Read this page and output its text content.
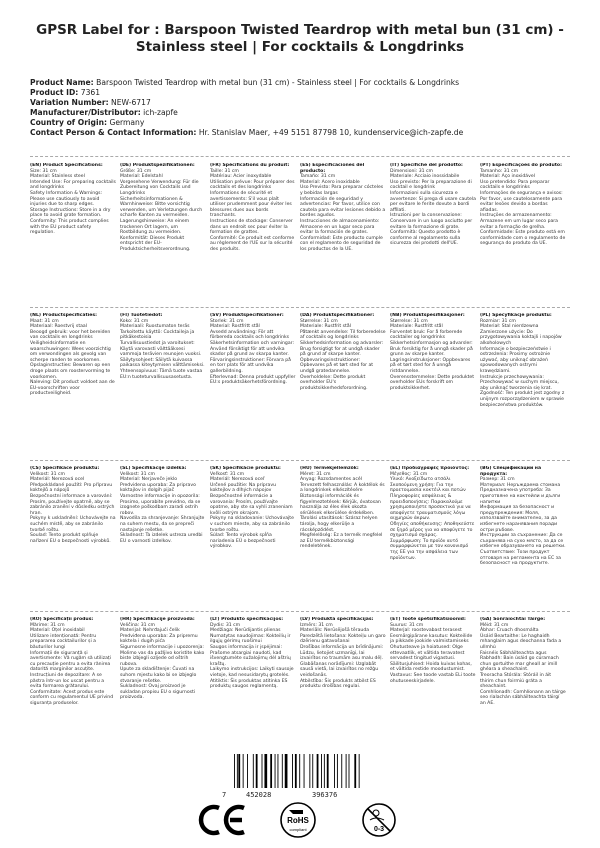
GPSR Label for : Barspoon Twisted Teardrop with metal bun (31 cm) - Stainless steel | For cocktails & Longdrinks
Product Name: Barspoon Twisted Teardrop with metal bun (31 cm) - Stainless steel | For cocktails & Longdrinks
Product ID: 7361
Variation Number: NEW-6717
Manufacturer/Distributor: ich-zapfe
Country of Origin: Germany
Contact Person & Contact Information: Hr. Stanislav Maer, +49 5151 87798 10, kundenservice@ich-zapfe.de
(EN) Product Specifications:
Size: 31 cm
Material: Stainless steel
Intended Use: For preparing cocktails and longdrinks
Safety Information & Warnings: Please use cautiously to avoid injuries due to sharp edges.
Storage Instructions: Store in a dry place to avoid grate formation.
Conformity: This product complies with the EU product safety regulation.
(DE) Produktspezifikationen:
Größe: 31 cm
Material: Edelstahl
Vorgesehene Verwendung: Für die Zubereitung von Cocktails und Longdrinks
Sicherheitsinformationen & Warnhinweise: Bitte vorsichtig verwenden, um Verletzungen durch scharfe Kanten zu vermeiden.
Lagerungshinweise: An einem trockenen Ort lagern, um Rostbildung zu vermeiden.
Konformität: Dieses Produkt entspricht der EU-Produktsicherheitsverordnung.
(FR) Spécifications du produit:
Taille: 31 cm
Matériau: Acier inoxydable
Utilisation prévue: Pour préparer des cocktails et des longdrinks
Informations de sécurité et avertissements: S'il vous plaît utiliser prudemment pour éviter les blessures dues aux bords tranchants.
Instructions de stockage: Conserver dans un endroit sec pour éviter la formation de grattes.
Conformité: Ce produit est conforme au règlement de l'UE sur la sécurité des produits.
(ES) Especificaciones del producto:
Tamaño: 31 cm
Material: Acero inoxidable
Uso Previsto: Para preparar cócteles y bebidas largas
Información de seguridad y advertencias: Por favor, utilice con cautela para evitar lesiones debido a bordes agudos.
Instrucciones de almacenamiento: Almacene en un lugar seco para evitar la formación de grates.
Conformidad: Este producto cumple con el reglamento de seguridad de los productos de la UE.
(IT) Specifiche del prodotto:
Dimensioni: 31 cm
Materiale: Acciaio inossidabile
Uso previsto: Per la preparazione di cocktail e longdrink
Informazioni sulla sicurezza e avvertenze: Si prega di usare cautela per evitare le ferite dovute a bordi affilati.
Istruzioni per la conservazione: Conservare in un luogo asciutto per evitare la formazione di grate.
Conformità: Questo prodotto è conforme al regolamento sulla sicurezza dei prodotti dell'UE.
(PT) Especificações do produto:
Tamanho: 31 cm
Material: Aço inoxidável
Uso pretendido: Para preparar cocktails e longdrinks
Informações de segurança e avisos: Por favor, use cautelosamente para evitar lesões devido a bordas afiadas.
Instruções de armazenamento: Armazene em um lugar seco para evitar a formação de grelha.
Conformidade: Este produto está em conformidade com o regulamento de segurança do produto da UE.
(NL) Productspecificaties:
Maat: 31 cm
Materiaal: Roestvrij staal
Beoogd gebruik: voor het bereiden van cocktails en longdrinks
Veiligheidsinformatie en waarschuwingen: Wees voorzichtig om verwondingen als gevolg van scherpe randen te voorkomen.
Opslaginstructies: Bewaren op een droge plaats om roostervorming te voorkomen.
Naleving: Dit product voldoet aan de EU-voorschriften voor productveiligheid.
(FI) Tuotetiedot:
Koko: 31 cm
Materiaali: Ruostumaton teräs
Tarkoitettu käyttö: Cocktaileja ja pitkäkestoisia
Turvallisuustiedot ja varoitukset: Käytä varovasti välttääksesi vammoja terävien reunojen vuoksi.
Säilytysohjeet: Säilytä kuivassa paikassa kiteytymisen välttämiseksi.
Yhteensopivuus: Tämä tuote vastaa EU:n tuoteturvallisuusasetusta.
(SV) Produktspecifikationer:
Storlek: 31 cm
Material: Rostfritt stål
Avsedd användning: För att förbereda cocktails och longdrinks
Säkerhetsinformation och varningar: Använd försiktigt för att undvika skador på grund av skarpa kanter.
Förvaringsinstruktioner: Förvara på en torr plats för att undvika gallerbildning.
Efterlevnad: Denna produkt uppfyller EU:s produktsäkerhetsförordning.
(DA) Produktspecifikationer:
Størrelse: 31 cm
Materiale: Rustfrit stål
Påtænkt anvendelse: Til forberedelse af cocktails og longdrinks
Sikkerhedsinformation og advarsler: Brug forsigtigt for at undgå skader på grund af skarpe kanter.
Opbevaringsinstruktioner: Opbevares på et tørt sted for at undgå gratedannelse.
Overholdelse: Dette produkt overholder EU's produktsikkerhedsforordning.
(NB) Produktspesifikasjoner:
Størrelse: 31 cm
Materiale: Rustfritt stål
Forventet bruk: For å forberede cocktailer og longdrinks
Sikkerhetsinformasjon og advarsler: Bruk forsiktig for å unngå skader på grunn av skarpe kanter.
Lagringsinstruksjoner: Oppbevares på et tørt sted for å unngå ristdannelse.
Overensstemmelse: Dette produktet overholder EUs forskrift om produktsikkerhet.
(PL) Specyfikacje produktu:
Rozmiar: 31 cm
Materiał: Stal nierdzewna
Zamierzone użycie: Do przygotowywania koktajli i napojów alkoholowych
Informacje o bezpieczeństwie i ostrzeżenia: Prosimy ostrożnie używać, aby uniknąć obrażeń spowodowanych ostrymi krawędziami.
Instrukcje przechowywania: Przechowywać w suchym miejscu, aby uniknąć tworzenia się krat.
Zgodność: Ten produkt jest zgodny z unijnym rozporządzeniem w sprawie bezpieczeństwa produktów.
(CS) Specifikace produktu:
Velikost: 31 cm
Materiál: Nerezová ocel
Předpokládané použití: Pro přípravu koktejlů a nápojů
Bezpečnostní informace a varování: Prosím, používejte opatrně, aby se zabránilo zranění v důsledku ostrých hran.
Pokyny k uskladnění: Uchovávejte na suchém místě, aby se zabránilo tvorbě roštu.
Soulad: Tento produkt splňuje nařízení EU o bezpečnosti výrobků.
(SL) Specifikacije izdelka:
Velikost: 31 cm
Material: Nerjaveče jeklo
Predvidena uporaba: Za pripravo koktajlov in dolgih pijač
Varnostne informacije in opozorila: Prosimo, uporabite previdno, da se izognete poškodbam zaradi ostrih robov.
Navodila za shranjevanje: Shranjujte na suhem mestu, da se prepreči nastajanje rešetke.
Skladnost: Ta izdelek ustreza uredbi EU o varnosti izdelkov.
(SK) Špecifikácie produktu:
Veľkosť: 31 cm
Materiál: Nerezová oceľ
Určené použitie: Na prípravu koktejlov a dlhých nápojov
Bezpečnostné informácie a varovania: Prosím, používajte opatrne, aby ste sa vyhli zraneniam kvôli ostrým okrajom.
Pokyny na skladovanie: Uchovávajte v suchom mieste, aby sa zabránilo tvorbe roštu.
Súlad: Tento výrobok spĺňa nariadenia EÚ o bezpečnosti výrobkov.
(HU) Termékjellemzők:
Méret: 31 cm
Anyag: Rozsdamentes acél
Tervezett felhasználás: A koktélok és a longdrinkek elkészítésére
Biztonsági információk és figyelmeztetések: Kérjük, óvatosan használja az éles élek okozta sérülések elkerülése érdekében.
Tárolási utasítások: Száraz helyen tárolja, hogy elkerülje a rácsképződést.
Megfelelőség: Ez a termék megfelel az EU termékbiztonsági rendeletének.
(EL) Προδιαγραφές προϊόντος:
Μέγεθος: 31 cm
Υλικό: Ανοξείδωτο ατσάλι
Σκοπούμενη χρήση: Για την προετοιμασία κοκτέιλ και ποτών
Πληροφορίες ασφάλειας & προειδοποιήσεις: Παρακαλούμε χρησιμοποιήστε προσεκτικά για να αποφύγετε τραυματισμούς λόγω αιχμηρών άκρων.
Οδηγίες αποθήκευσης: Αποθηκεύστε σε ξηρό μέρος για να αποφύγετε το σχηματισμό σχάρας.
Συμμόρφωση: Το προϊόν αυτό συμμορφώνεται με τον κανονισμό της ΕΕ για την ασφάλεια των προϊόντων.
(BG) Спецификации на продукта:
Размер: 31 cm
Материал: Неръждаема стомана
Предназначена употреба: За приготвяне на коктейли и дълги напитки
Информация за безопасност и предупреждения: Моля, използвайте внимателно, за да избегнете наранявания поради остри ръбове.
Инструкции за съхранение: Да се съхранява на сухо място, за да се избегне образуването на решетки.
Съответствие: Този продукт отговаря на регламента на ЕС за безопасност на продуктите.
(RO) Specificații produs:
Mărime: 31 cm
Material: Oțel inoxidabil
Utilizare intenționată: Pentru prepararea cocktailurilor și a băuturilor lungi
Informații de siguranță și avertismente: Vă rugăm să utilizați cu precauție pentru a evita rănirea datorită marginilor ascuțite.
Instrucțiuni de depozitare: A se păstra într-un loc uscat pentru a evita formarea grătarului.
Conformitate: Acest produs este conform cu regulamentul UE privind siguranța produselor.
(HR) Specifikacije proizvoda:
Veličina: 31 cm
Materijal: Nehrđajući čelik
Predviđena uporaba: Za pripremu koktela i dugih pića
Sigurnosne informacije i upozorenja: Molimo vas da pažljivo koristite kako biste izbjegli ozljede od oštrih rubova.
Upute za skladištenje: Čuvati na suhom mjestu kako bi se izbjeglo stvaranje rešetke.
Sukladnost: Ovaj proizvod je sukladan propisu EU o sigurnosti proizvoda.
(LT) Produkto specifikacijos:
Dydis: 31 cm
Medžiaga: Nerūdijantis plienas
Numatytas naudojimas: Kokteilių ir ilgųjų gėrimų ruošimui
Saugos informacija ir įspėjimai: Prašome atsargiai naudoti, kad išvengtumėte sužalojimų dėl aštrių kraštų.
Laikymo instrukcijos: Laikyti sausoje vietoje, kad nesusidarytų grotelės.
Atitiktis: Šis produktas atitinka ES produktų saugos reglamentą.
(LV) Produkta specifikācijas:
Izmērs: 31 cm
Materiāls: Nerūsējošā tērauda
Paredzētā lietošana: Kokteiļu un garo dzērienu gatavošanai
Drošības informācija un brīdinājumi: Lūdzu, lietojiet uzmanīgi, lai izvairītos no traumām asu malu dēļ.
Glabāšanas norādījumi: Uzglabāt sausā vietā, lai izvairītos no režģu veidošanās.
Atbilstība: Šis produkts atbilst ES produktu drošības regulai.
(ET) Toote spetsifikatsioonid:
Suurus: 31 cm
Materjal: roostevabast terasest
Eesmärgipärane kasutus: Kokteilide ja pikkade jookide valmistamiseks
Ohutusteave ja hoiatused: Olge ettevaatlik, et vältida teravatest servadest tingitud vigastusi.
Säilitusjuhised: Hoida kuivas kohas, et vältida restide moodustumist.
Vastavus: See toode vastab ELi toote ohutuseeskirjadele.
(GA) Sonraíochtaí Táirge:
Méid: 31 cm
Ábhar: Cruach dhosmálta
Úsáid Beartaithe: Le haghaidh mhanglaim agus deochanna fada a ullmhú
Faisnéis Sábháilteachta agus Rabhadh: Bain úsáid go cúramach chun gortuithe mar gheall ar imill ghéara a sheachaint.
Treoracha Stórála: Stóráil in áit thirim chun foirmiú gráta a sheachaint.
Comhlíonadh: Comhlíonann an táirge seo rialachán sábháilteachta táirgí an AE.
7	452028	396376
RoHS
compliant	0-3
